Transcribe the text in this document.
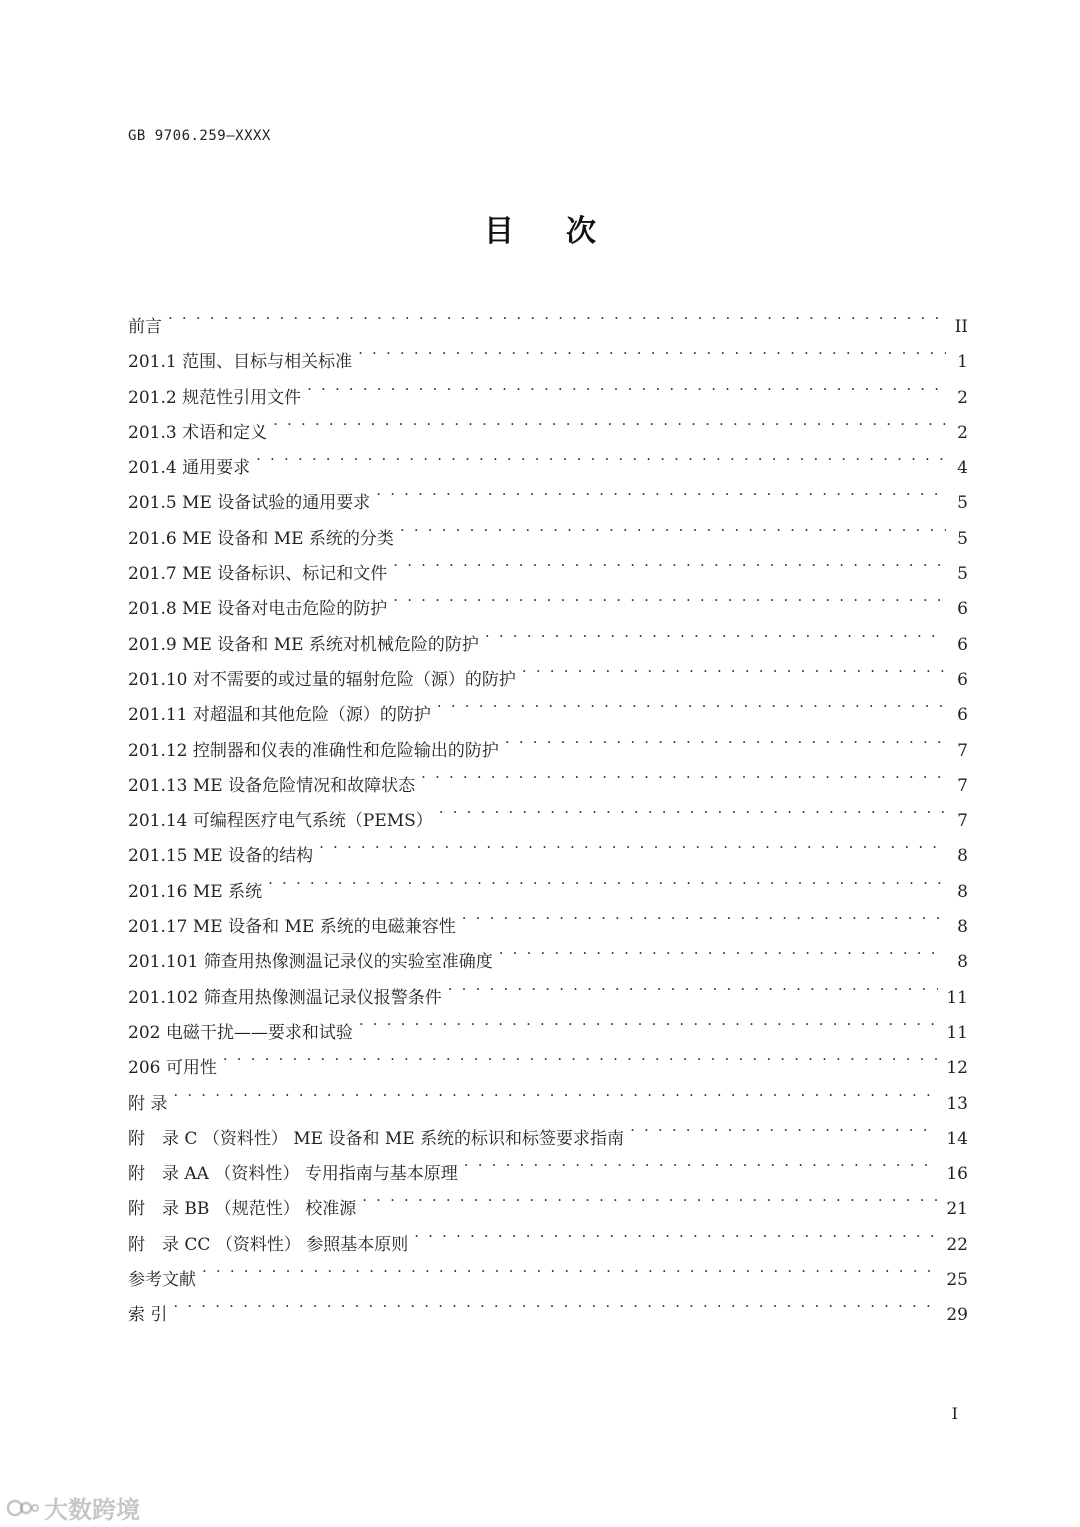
GB 9706.259—XXXX
目次
前言 . . .	II
201.1 范围、目标与相关标准 . . .	1
201.2 规范性引用文件 . . .	2
201.3 术语和定义 . . .	2
201.4 通用要求 . . .	4
201.5 ME 设备试验的通用要求 . . .	5
201.6 ME 设备和 ME 系统的分类 . . .	5
201.7 ME 设备标识、标记和文件 . . .	5
201.8 ME 设备对电击危险的防护 . . .	6
201.9 ME 设备和 ME 系统对机械危险的防护 . . .	6
201.10 对不需要的或过量的辐射危险（源）的防护 . . .	6
201.11 对超温和其他危险（源）的防护 . . .	6
201.12 控制器和仪表的准确性和危险输出的防护 . . .	7
201.13 ME 设备危险情况和故障状态 . . .	7
201.14 可编程医疗电气系统（PEMS） . . .	7
201.15 ME 设备的结构 . . .	8
201.16 ME 系统 . . .	8
201.17 ME 设备和 ME 系统的电磁兼容性 . . .	8
201.101 筛查用热像测温记录仪的实验室准确度 . . .	8
201.102 筛查用热像测温记录仪报警条件 . . .	11
202 电磁干扰——要求和试验 . . .	11
206 可用性 . . .	12
附 录 . . .	13
附　录 C （资料性） ME 设备和 ME 系统的标识和标签要求指南 . . .	14
附　录 AA （资料性） 专用指南与基本原理 . . .	16
附　录 BB （规范性） 校准源 . . .	21
附　录 CC （资料性） 参照基本原则 . . .	22
参考文献 . . .	25
索 引 . . .	29
I
大数跨境
